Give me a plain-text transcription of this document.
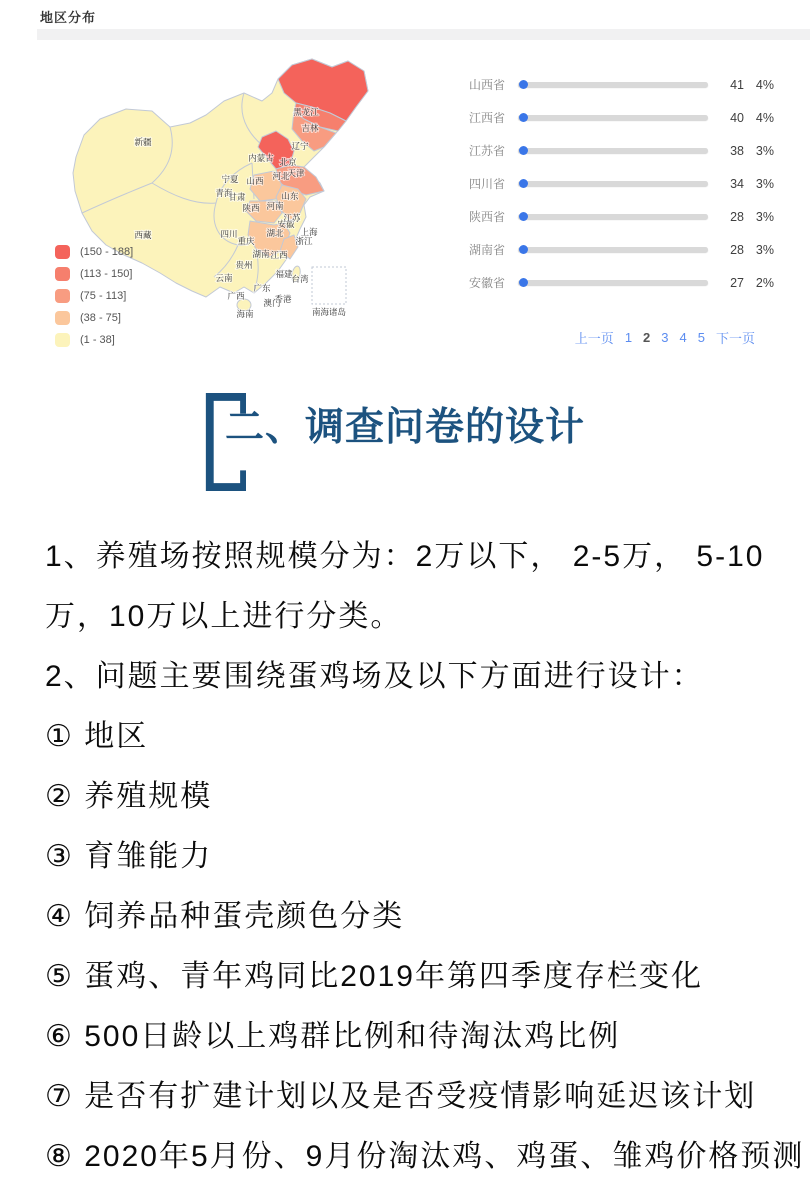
地区分布
南海诸岛
新疆
西藏
青海
甘肃
内蒙古
宁夏
陕西
山西 河北
北京
天津
山东
河南
四川
重庆
贵州
云南
湖北
湖南 江西
安徽
江苏
上海
浙江
福建
台湾
广东
广西	香港
澳门
海南
黑龙江
吉林
辽宁
(150 - 188]
(113 - 150]
(75 - 113]
(38 - 75]
(1 - 38]
山西省	41 4%
江西省	40 4%
江苏省	38 3%
四川省	34 3%
陕西省	28 3%
湖南省	28 3%
安徽省	27 2%
上一页 1 2 3 4 5 下一页
二、调查问卷的设计
1、养殖场按照规模分为：2万以下， 2-5万， 5-10
万，10万以上进行分类。
2、问题主要围绕蛋鸡场及以下方面进行设计：
① 地区
② 养殖规模
③ 育雏能力
④ 饲养品种蛋壳颜色分类
⑤ 蛋鸡、青年鸡同比2019年第四季度存栏变化
⑥ 500日龄以上鸡群比例和待淘汰鸡比例
⑦ 是否有扩建计划以及是否受疫情影响延迟该计划
⑧ 2020年5月份、9月份淘汰鸡、鸡蛋、雏鸡价格预测
